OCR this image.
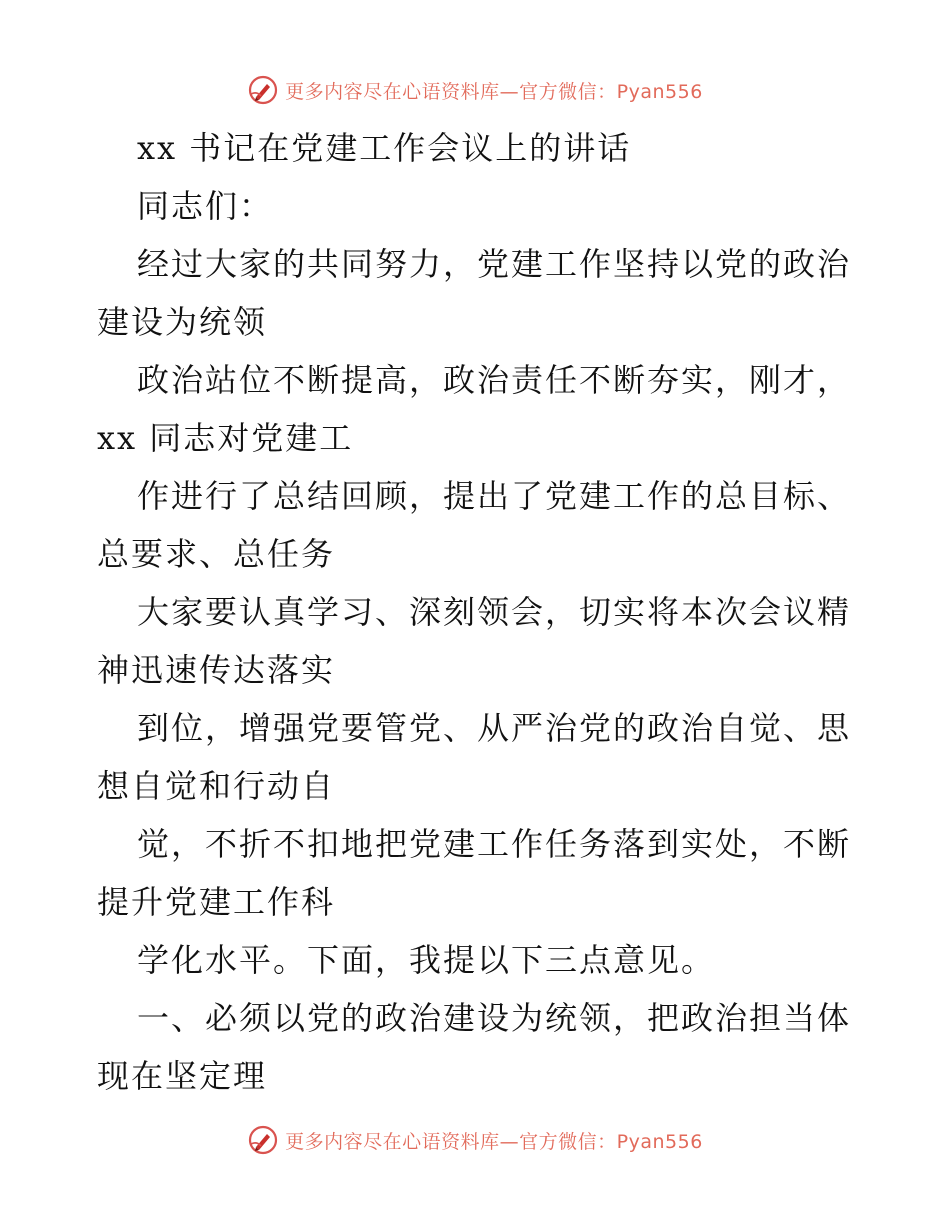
更多内容尽在心语资料库—官方微信：Pyan556
xx 书记在党建工作会议上的讲话
同志们：
经过大家的共同努力，党建工作坚持以党的政治
建设为统领
政治站位不断提高，政治责任不断夯实，刚才，
xx 同志对党建工
作进行了总结回顾，提出了党建工作的总目标、
总要求、总任务
大家要认真学习、深刻领会，切实将本次会议精
神迅速传达落实
到位，增强党要管党、从严治党的政治自觉、思
想自觉和行动自
觉，不折不扣地把党建工作任务落到实处，不断
提升党建工作科
学化水平。下面，我提以下三点意见。
一、必须以党的政治建设为统领，把政治担当体
现在坚定理
更多内容尽在心语资料库—官方微信：Pyan556
